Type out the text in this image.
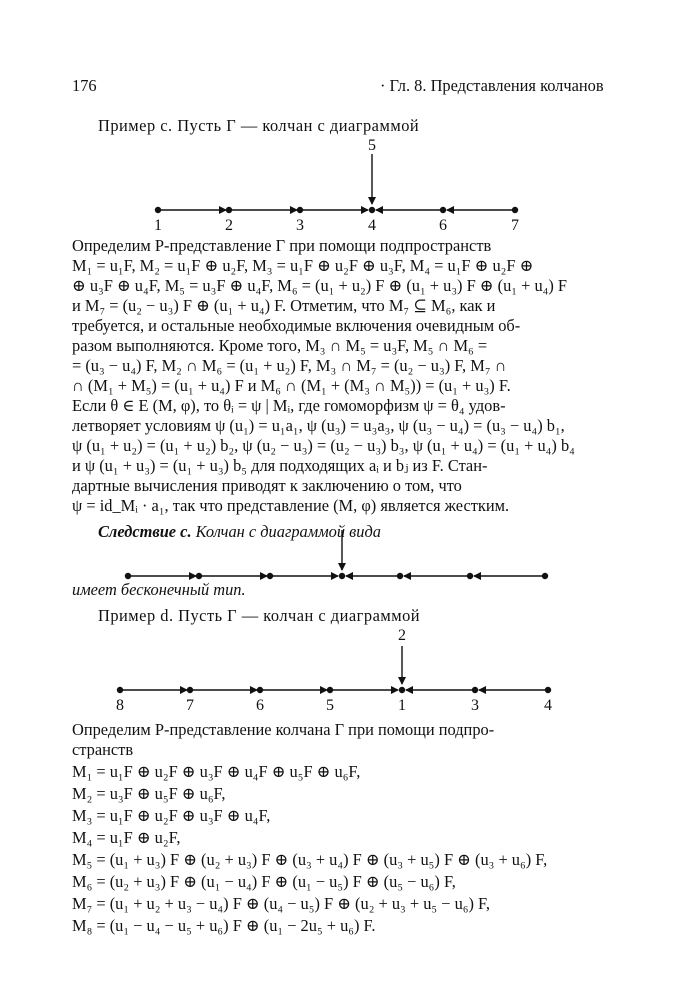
176	· Гл. 8. Представления колчанов
Пример c. Пусть Γ — колчан с диаграммой
5
1	2	3	4	6	7
Определим P-представление Γ при помощи подпространств
M₁ = u₁F, M₂ = u₁F ⊕ u₂F, M₃ = u₁F ⊕ u₂F ⊕ u₃F, M₄ = u₁F ⊕ u₂F ⊕
⊕ u₃F ⊕ u₄F, M₅ = u₃F ⊕ u₄F, M₆ = (u₁ + u₂) F ⊕ (u₁ + u₃) F ⊕ (u₁ + u₄) F
и M₇ = (u₂ − u₃) F ⊕ (u₁ + u₄) F. Отметим, что M₇ ⊆ M₆, как и
требуется, и остальные необходимые включения очевидным об-
разом выполняются. Кроме того, M₃ ∩ M₅ = u₃F, M₅ ∩ M₆ =
= (u₃ − u₄) F, M₂ ∩ M₆ = (u₁ + u₂) F, M₃ ∩ M₇ = (u₂ − u₃) F, M₇ ∩
∩ (M₁ + M₅) = (u₁ + u₄) F и M₆ ∩ (M₁ + (M₃ ∩ M₅)) = (u₁ + u₃) F.
Если θ ∈ E (M, φ), то θᵢ = ψ | Mᵢ, где гомоморфизм ψ = θ₄ удов-
летворяет условиям ψ (u₁) = u₁a₁, ψ (u₃) = u₃a₃, ψ (u₃ − u₄) = (u₃ − u₄) b₁,
ψ (u₁ + u₂) = (u₁ + u₂) b₂, ψ (u₂ − u₃) = (u₂ − u₃) b₃, ψ (u₁ + u₄) = (u₁ + u₄) b₄
и ψ (u₁ + u₃) = (u₁ + u₃) b₅ для подходящих aᵢ и bⱼ из F. Стан-
дартные вычисления приводят к заключению о том, что
ψ = id_Mᵢ · a₁, так что представление (M, φ) является жестким.
Следствие c. Колчан с диаграммой вида
имеет бесконечный тип.
Пример d. Пусть Γ — колчан с диаграммой
2
8	7	6	5	1	3	4
Определим P-представление колчана Γ при помощи подпро-
странств
M₁ = u₁F ⊕ u₂F ⊕ u₃F ⊕ u₄F ⊕ u₅F ⊕ u₆F,
M₂ = u₃F ⊕ u₅F ⊕ u₆F,
M₃ = u₁F ⊕ u₂F ⊕ u₃F ⊕ u₄F,
M₄ = u₁F ⊕ u₂F,
M₅ = (u₁ + u₃) F ⊕ (u₂ + u₃) F ⊕ (u₃ + u₄) F ⊕ (u₃ + u₅) F ⊕ (u₃ + u₆) F,
M₆ = (u₂ + u₃) F ⊕ (u₁ − u₄) F ⊕ (u₁ − u₅) F ⊕ (u₅ − u₆) F,
M₇ = (u₁ + u₂ + u₃ − u₄) F ⊕ (u₄ − u₅) F ⊕ (u₂ + u₃ + u₅ − u₆) F,
M₈ = (u₁ − u₄ − u₅ + u₆) F ⊕ (u₁ − 2u₅ + u₆) F.
